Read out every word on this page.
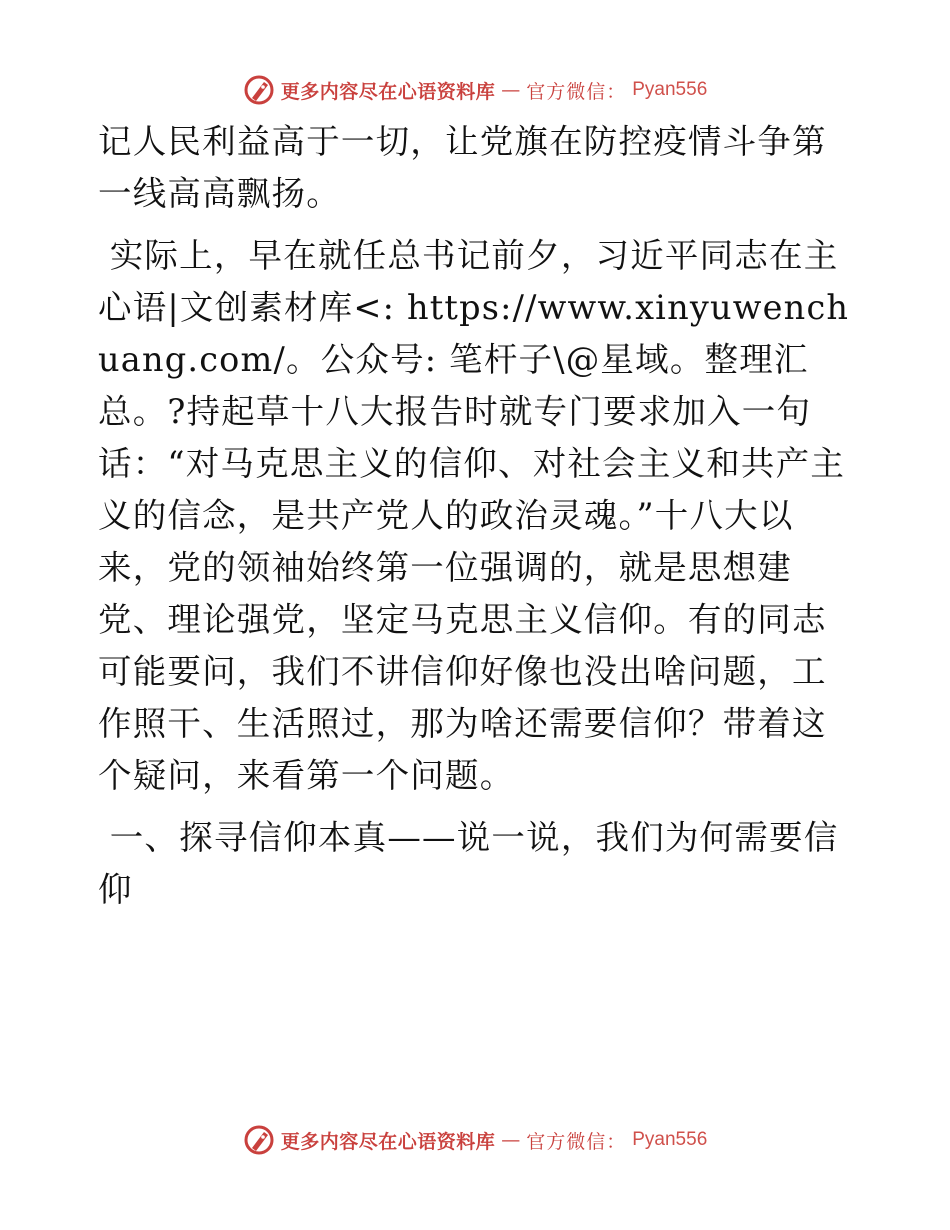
更多内容尽在心语资料库 — 官方微信： Pyan556

记人民利益高于一切，让党旗在防控疫情斗争第一线高高飘扬。

实际上，早在就任总书记前夕，习近平同志在主心语|文创素材库<: https://www.xinyuwenchuang.com/。公众号: 笔杆子\@星域。整理汇总。?持起草十八大报告时就专门要求加入一句话：“对马克思主义的信仰、对社会主义和共产主义的信念，是共产党人的政治灵魂。”十八大以来，党的领袖始终第一位强调的，就是思想建党、理论强党，坚定马克思主义信仰。有的同志可能要问，我们不讲信仰好像也没出啥问题，工作照干、生活照过，那为啥还需要信仰？带着这个疑问，来看第一个问题。

一、探寻信仰本真——说一说，我们为何需要信仰

更多内容尽在心语资料库 — 官方微信： Pyan556
